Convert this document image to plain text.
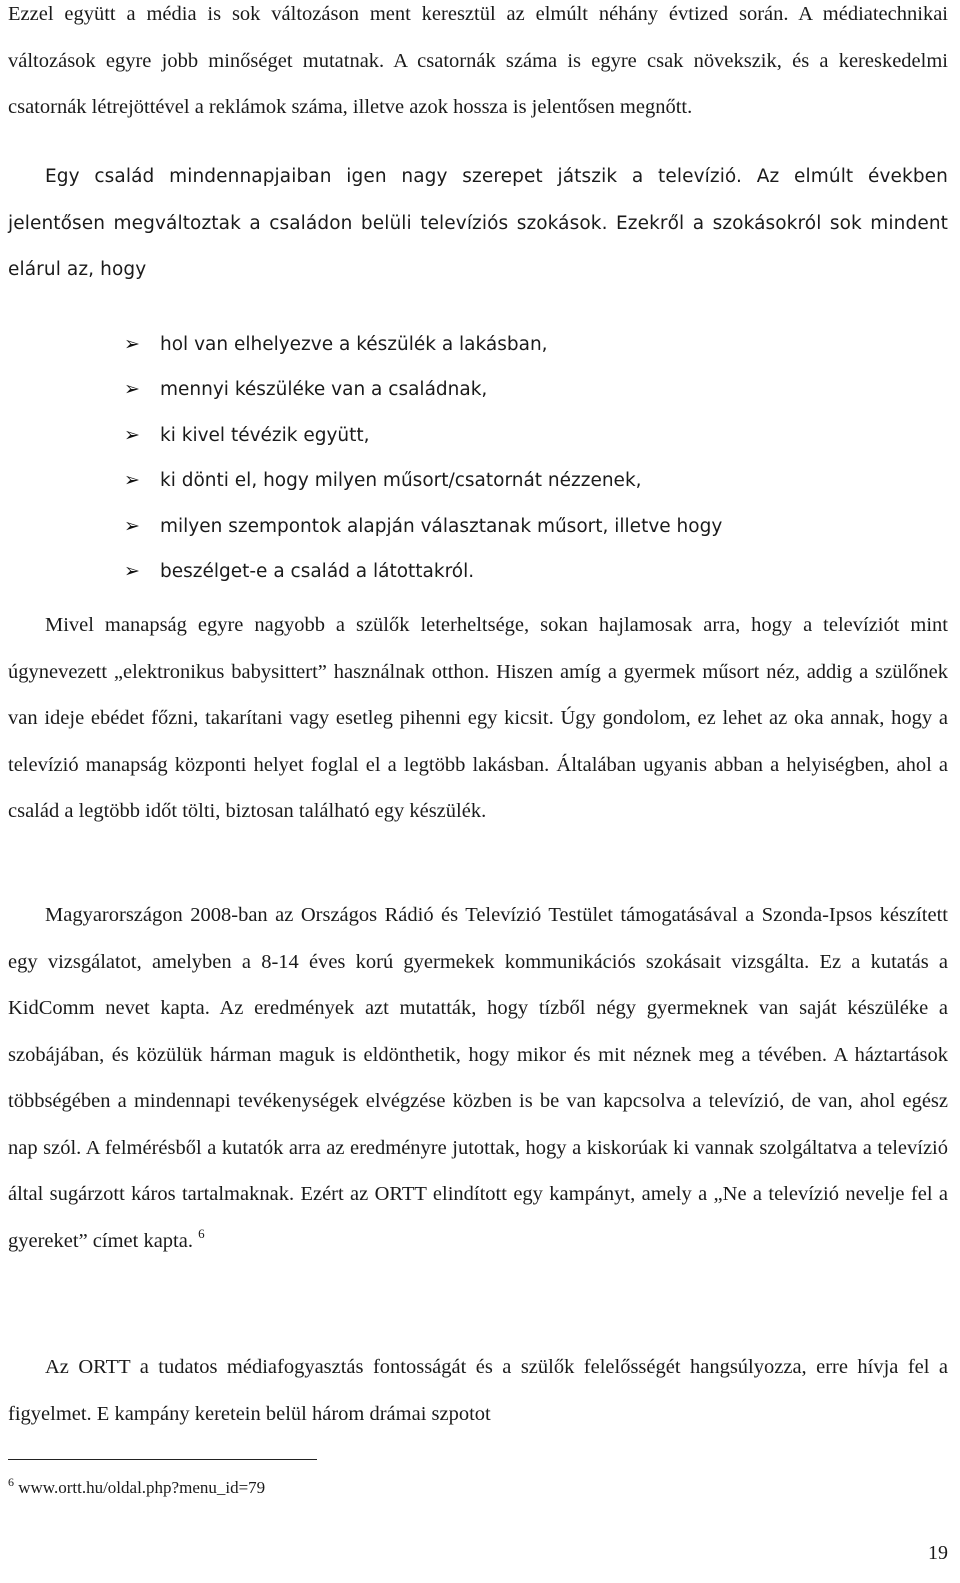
Ezzel együtt a média is sok változáson ment keresztül az elmúlt néhány évtized során. A médiatechnikai változások egyre jobb minőséget mutatnak. A csatornák száma is egyre csak növekszik, és a kereskedelmi csatornák létrejöttével a reklámok száma, illetve azok hossza is jelentősen megnőtt.

Egy család mindennapjaiban igen nagy szerepet játszik a televízió. Az elmúlt években jelentősen megváltoztak a családon belüli televíziós szokások. Ezekről a szokásokról sok mindent elárul az, hogy

➢	hol van elhelyezve a készülék a lakásban,
➢	mennyi készüléke van a családnak,
➢	ki kivel tévézik együtt,
➢	ki dönti el, hogy milyen műsort/csatornát nézzenek,
➢	milyen szempontok alapján választanak műsort, illetve hogy
➢	beszélget-e a család a látottakról.

Mivel manapság egyre nagyobb a szülők leterheltsége, sokan hajlamosak arra, hogy a televíziót mint úgynevezett „elektronikus babysittert” használnak otthon. Hiszen amíg a gyermek műsort néz, addig a szülőnek van ideje ebédet főzni, takarítani vagy esetleg pihenni egy kicsit. Úgy gondolom, ez lehet az oka annak, hogy a televízió manapság központi helyet foglal el a legtöbb lakásban. Általában ugyanis abban a helyiségben, ahol a család a legtöbb időt tölti, biztosan található egy készülék.

Magyarországon 2008-ban az Országos Rádió és Televízió Testület támogatásával a Szonda-Ipsos készített egy vizsgálatot, amelyben a 8-14 éves korú gyermekek kommunikációs szokásait vizsgálta. Ez a kutatás a KidComm nevet kapta. Az eredmények azt mutatták, hogy tízből négy gyermeknek van saját készüléke a szobájában, és közülük hárman maguk is eldönthetik, hogy mikor és mit néznek meg a tévében. A háztartások többségében a mindennapi tevékenységek elvégzése közben is be van kapcsolva a televízió, de van, ahol egész nap szól. A felmérésből a kutatók arra az eredményre jutottak, hogy a kiskorúak ki vannak szolgáltatva a televízió által sugárzott káros tartalmaknak. Ezért az ORTT elindított egy kampányt, amely a „Ne a televízió nevelje fel a gyereket” címet kapta. $^6$

Az ORTT a tudatos médiafogyasztás fontosságát és a szülők felelősségét hangsúlyozza, erre hívja fel a figyelmet. E kampány keretein belül három drámai szpotot

$^6$ www.ortt.hu/oldal.php?menu_id=79
19
